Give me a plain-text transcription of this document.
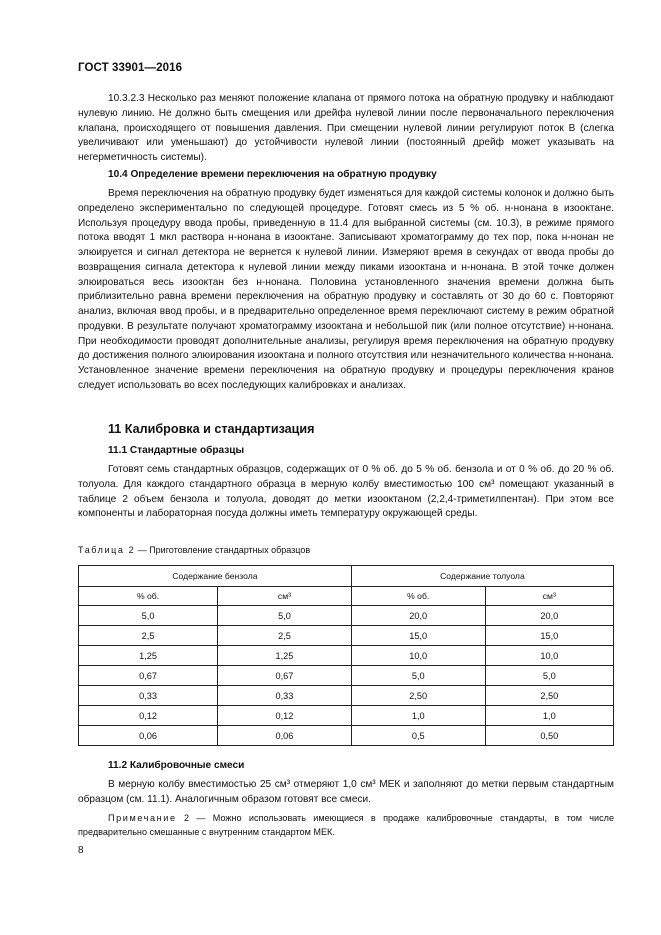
ГОСТ 33901—2016

10.3.2.3 Несколько раз меняют положение клапана от прямого потока на обратную продувку и наблюдают нулевую линию. Не должно быть смещения или дрейфа нулевой линии после первоначального переключения клапана, происходящего от повышения давления. При смещении нулевой линии регулируют поток В (слегка увеличивают или уменьшают) до устойчивости нулевой линии (постоянный дрейф может указывать на негерметичность системы).

10.4 Определение времени переключения на обратную продувку

Время переключения на обратную продувку будет изменяться для каждой системы колонок и должно быть определено экспериментально по следующей процедуре. Готовят смесь из 5 % об. н-нонана в изооктане. Используя процедуру ввода пробы, приведенную в 11.4 для выбранной системы (см. 10.3), в режиме прямого потока вводят 1 мкл раствора н-нонана в изооктане. Записывают хроматограмму до тех пор, пока н-нонан не элюируется и сигнал детектора не вернется к нулевой линии. Измеряют время в секундах от ввода пробы до возвращения сигнала детектора к нулевой линии между пиками изооктана и н-нонана. В этой точке должен элюироваться весь изооктан без н-нонана. Половина установленного значения времени должна быть приблизительно равна времени переключения на обратную продувку и составлять от 30 до 60 с. Повторяют анализ, включая ввод пробы, и в предварительно определенное время переключают систему в режим обратной продувки. В результате получают хроматограмму изооктана и небольшой пик (или полное отсутствие) н-нонана. При необходимости проводят дополнительные анализы, регулируя время переключения на обратную продувку до достижения полного элюирования изооктана и полного отсутствия или незначительного количества н-нонана. Установленное значение времени переключения на обратную продувку и процедуры переключения кранов следует использовать во всех последующих калибровках и анализах.

11 Калибровка и стандартизация
11.1 Стандартные образцы

Готовят семь стандартных образцов, содержащих от 0 % об. до 5 % об. бензола и от 0 % об. до 20 % об. толуола. Для каждого стандартного образца в мерную колбу вместимостью 100 см³ помещают указанный в таблице 2 объем бензола и толуола, доводят до метки изооктаном (2,2,4-триметилпентан). При этом все компоненты и лабораторная посуда должны иметь температуру окружающей среды.

Таблица 2 — Приготовление стандартных образцов
Содержание бензола		Содержание толуола	
% об.	см³	% об.	см³
5,0	5,0	20,0	20,0
2,5	2,5	15,0	15,0
1,25	1,25	10,0	10,0
0,67	0,67	5,0	5,0
0,33	0,33	2,50	2,50
0,12	0,12	1,0	1,0
0,06	0,06	0,5	0,50
11.2 Калибровочные смеси

В мерную колбу вместимостью 25 см³ отмеряют 1,0 см³ МЕК и заполняют до метки первым стандартным образцом (см. 11.1). Аналогичным образом готовят все смеси.

Примечание 2 — Можно использовать имеющиеся в продаже калибровочные стандарты, в том числе предварительно смешанные с внутренним стандартом МЕК.

8
